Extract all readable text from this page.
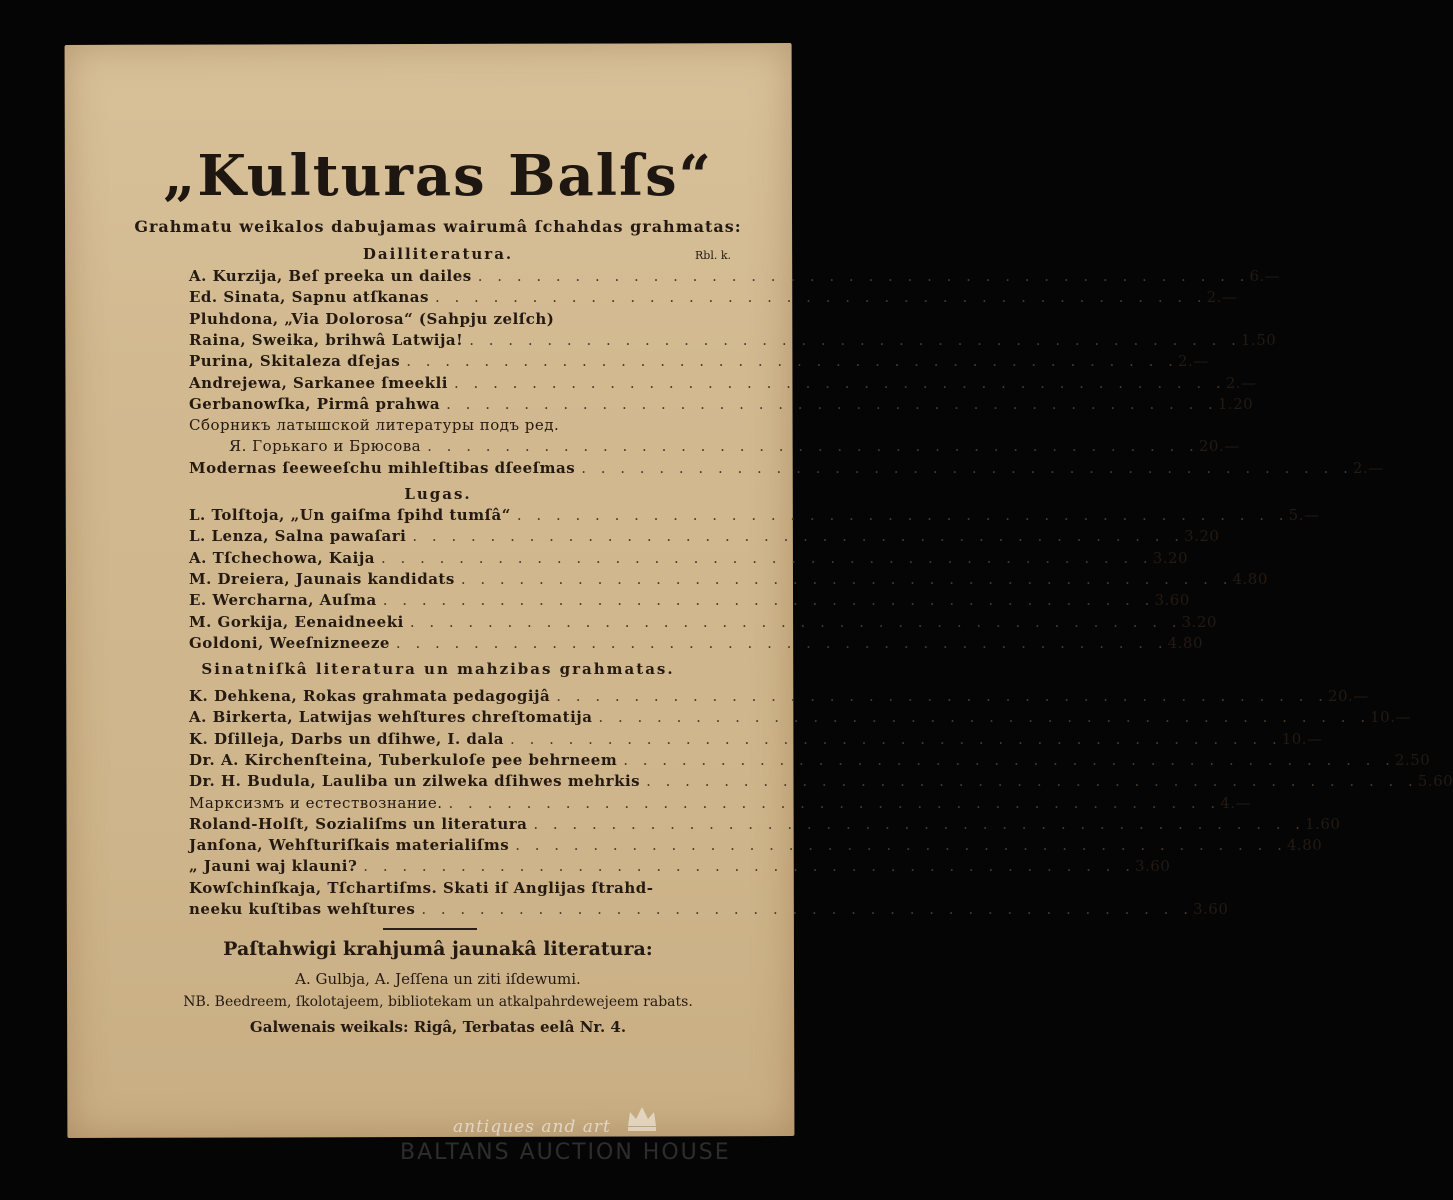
„Kulturas Balſs“
Grahmatu weikalos dabujamas wairumâ ſchahdas grahmatas:
Rbl. k.
Dailliteratura.
A. Kurzija, Beſ preeka un dailes . . . . . . . . . . . . . . . . . . . . . . . . . . . . . . . . . . . . . . . . 6.—
Ed. Sinata, Sapnu atſkanas . . . . . . . . . . . . . . . . . . . . . . . . . . . . . . . . . . . . . . . . 2.—
Pluhdona, „Via Dolorosa“ (Sahpju zelſch)
Raina, Sweika, brihwâ Latwija! . . . . . . . . . . . . . . . . . . . . . . . . . . . . . . . . . . . . . . . . 1.50
Purina, Skitaleza dſejas . . . . . . . . . . . . . . . . . . . . . . . . . . . . . . . . . . . . . . . . 2.—
Andrejewa, Sarkanee ſmeekli . . . . . . . . . . . . . . . . . . . . . . . . . . . . . . . . . . . . . . . . 2.—
Gerbanowſka, Pirmâ prahwa . . . . . . . . . . . . . . . . . . . . . . . . . . . . . . . . . . . . . . . . 1.20
Сборникъ латышской литературы подъ ред.
Я. Горькаго и Брюсова . . . . . . . . . . . . . . . . . . . . . . . . . . . . . . . . . . . . . . . . 20.—
Modernas ſeeweeſchu mihleſtibas dſeeſmas . . . . . . . . . . . . . . . . . . . . . . . . . . . . . . . . . . . . . . . . 2.—
Lugas.
L. Tolſtoja, „Un gaiſma ſpihd tumſâ“ . . . . . . . . . . . . . . . . . . . . . . . . . . . . . . . . . . . . . . . . 5.—
L. Lenza, Salna pawaſari . . . . . . . . . . . . . . . . . . . . . . . . . . . . . . . . . . . . . . . . 3.20
A. Tſchechowa, Kaija . . . . . . . . . . . . . . . . . . . . . . . . . . . . . . . . . . . . . . . . 3.20
M. Dreiera, Jaunais kandidats . . . . . . . . . . . . . . . . . . . . . . . . . . . . . . . . . . . . . . . . 4.80
E. Wercharna, Auſma . . . . . . . . . . . . . . . . . . . . . . . . . . . . . . . . . . . . . . . . 3.60
M. Gorkija, Eenaidneeki . . . . . . . . . . . . . . . . . . . . . . . . . . . . . . . . . . . . . . . . 3.20
Goldoni, Weeſnizneeze . . . . . . . . . . . . . . . . . . . . . . . . . . . . . . . . . . . . . . . . 4.80
Sinatniſkâ literatura un mahzibas grahmatas.
K. Dehkena, Rokas grahmata pedagogijâ . . . . . . . . . . . . . . . . . . . . . . . . . . . . . . . . . . . . . . . . 20.—
A. Birkerta, Latwijas wehſtures chreſtomatija . . . . . . . . . . . . . . . . . . . . . . . . . . . . . . . . . . . . . . . . 10.—
K. Dſilleja, Darbs un dſihwe, I. dala . . . . . . . . . . . . . . . . . . . . . . . . . . . . . . . . . . . . . . . . 10.—
Dr. A. Kirchenſteina, Tuberkuloſe pee behrneem . . . . . . . . . . . . . . . . . . . . . . . . . . . . . . . . . . . . . . . . 2.50
Dr. H. Budula, Lauliba un zilweka dſihwes mehrkis . . . . . . . . . . . . . . . . . . . . . . . . . . . . . . . . . . . . . . . . 5.60
Марксизмъ и естествознание. . . . . . . . . . . . . . . . . . . . . . . . . . . . . . . . . . . . . . . . . 4.—
Roland-Holſt, Sozialiſms un literatura . . . . . . . . . . . . . . . . . . . . . . . . . . . . . . . . . . . . . . . . 1.60
Janſona, Wehſturiſkais materialiſms . . . . . . . . . . . . . . . . . . . . . . . . . . . . . . . . . . . . . . . . 4.80
„ Jauni waj klauni? . . . . . . . . . . . . . . . . . . . . . . . . . . . . . . . . . . . . . . . . 3.60
Kowſchinſkaja, Tſchartiſms. Skati iſ Anglijas ſtrahd-
neeku kuſtibas wehſtures . . . . . . . . . . . . . . . . . . . . . . . . . . . . . . . . . . . . . . . . 3.60
Paſtahwigi krahjumâ jaunakâ literatura:
A. Gulbja, A. Jeſſena un ziti iſdewumi.
NB. Beedreem, ſkolotajeem, bibliotekam un atkalpahrdewejeem rabats.
Galwenais weikals: Rigâ, Terbatas eelâ Nr. 4.
antiques and art
BALTANS AUCTION HOUSE
